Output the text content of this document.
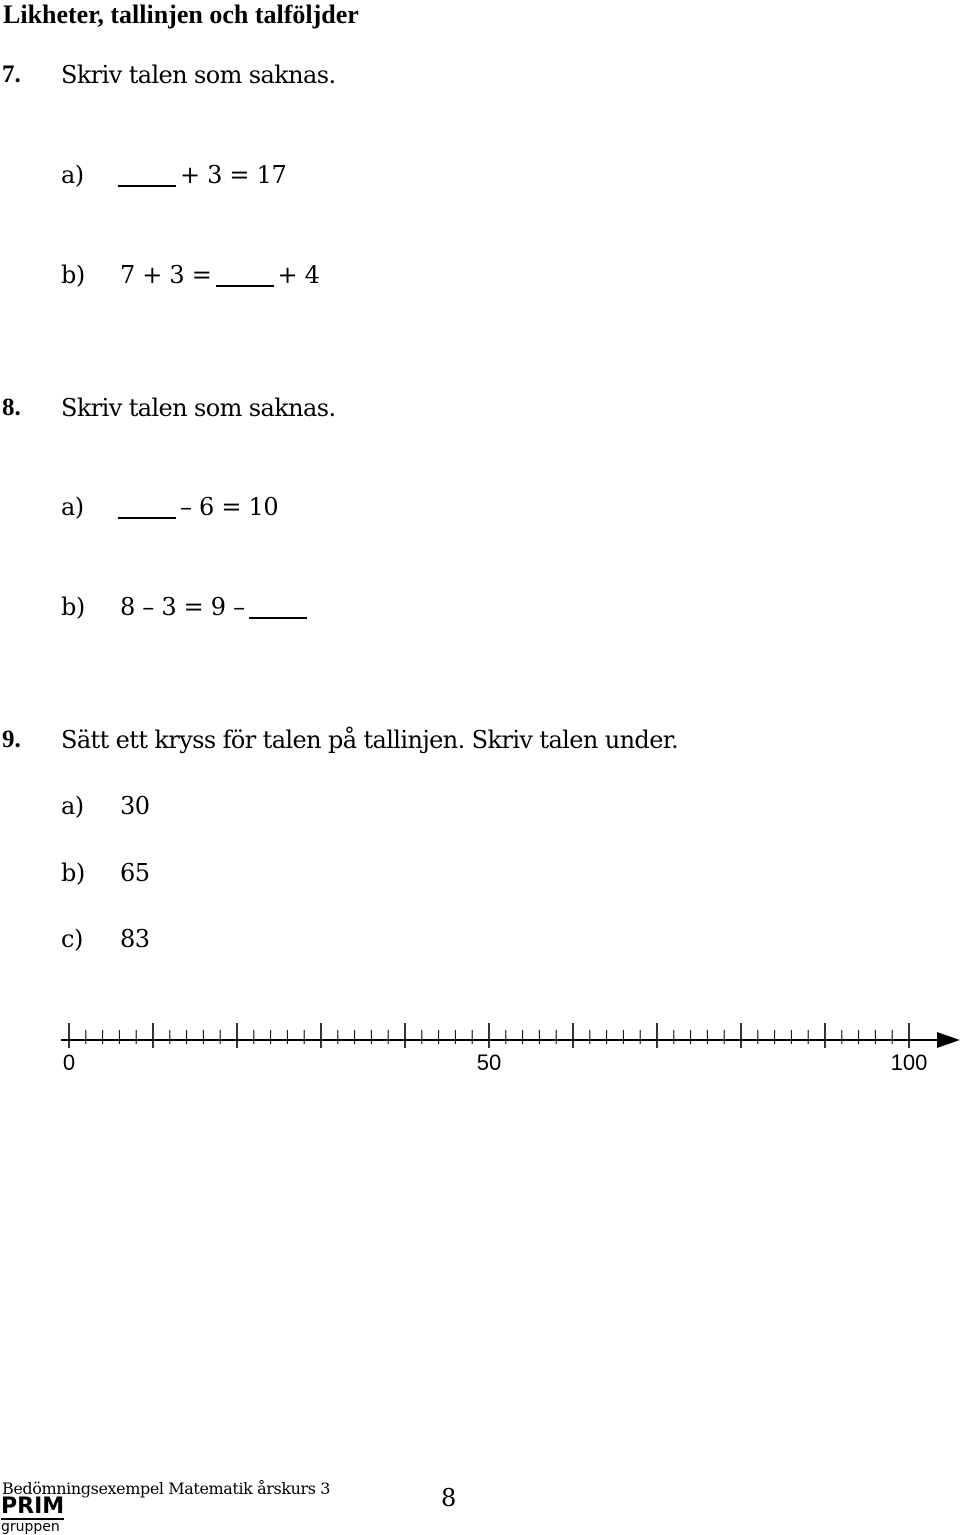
Likheter, tallinjen och talföljder
7. Skriv talen som saknas.
a)	+ 3 = 17
b) 7 + 3 =	+ 4
8. Skriv talen som saknas.
a)	– 6 = 10
b) 8 – 3 = 9 –
9. Sätt ett kryss för talen på tallinjen. Skriv talen under.
a) 30
b) 65
c) 83
0	50	100
Bedömningsexempel Matematik årskurs 3	8
PRIM
gruppen
